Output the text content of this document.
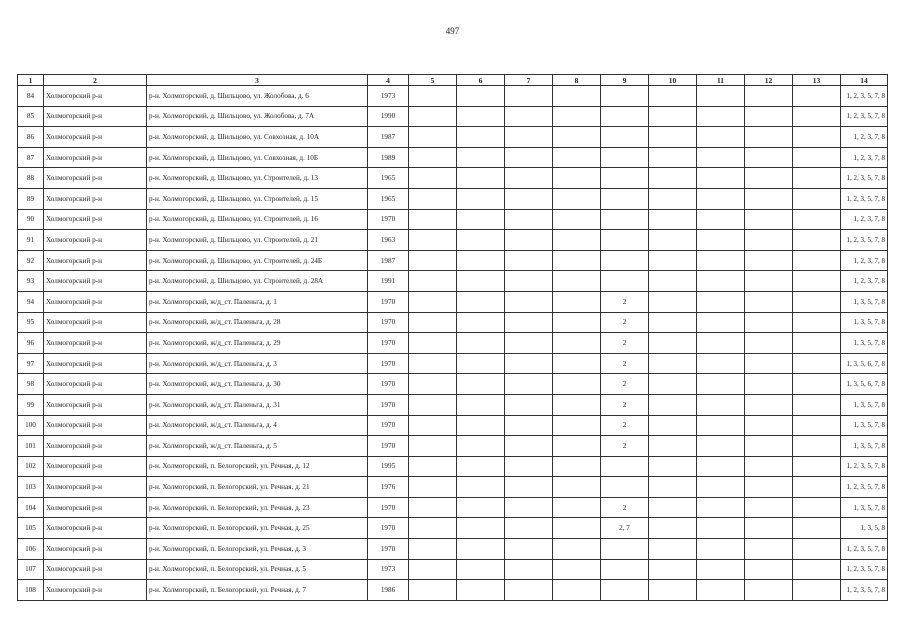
497
1	2	3	4	5	6	7	8	9	10	11	12	13	14
84	Холмогорский р-н	р-н. Холмогорский, д. Шильцово, ул. Жолобова, д. 6	1973										1, 2, 3, 5, 7, 8
85	Холмогорский р-н	р-н. Холмогорский, д. Шильцово, ул. Жолобова, д. 7А	1990										1, 2, 3, 5, 7, 8
86	Холмогорский р-н	р-н. Холмогорский, д. Шильцово, ул. Совхозная, д. 10А	1987										1, 2, 3, 7, 8
87	Холмогорский р-н	р-н. Холмогорский, д. Шильцово, ул. Совхозная, д. 10Б	1989										1, 2, 3, 7, 8
88	Холмогорский р-н	р-н. Холмогорский, д. Шильцово, ул. Строителей, д. 13	1965										1, 2, 3, 5, 7, 8
89	Холмогорский р-н	р-н. Холмогорский, д. Шильцово, ул. Строителей, д. 15	1965										1, 2, 3, 5, 7, 8
90	Холмогорский р-н	р-н. Холмогорский, д. Шильцово, ул. Строителей, д. 16	1970										1, 2, 3, 7, 8
91	Холмогорский р-н	р-н. Холмогорский, д. Шильцово, ул. Строителей, д. 21	1963										1, 2, 3, 5, 7, 8
92	Холмогорский р-н	р-н. Холмогорский, д. Шильцово, ул. Строителей, д. 24Б	1987										1, 2, 3, 7, 8
93	Холмогорский р-н	р-н. Холмогорский, д. Шильцово, ул. Строителей, д. 28А	1991										1, 2, 3, 7, 8
94	Холмогорский р-н	р-н. Холмогорский, ж/д_ст. Паленьга, д. 1	1970					2					1, 3, 5, 7, 8
95	Холмогорский р-н	р-н. Холмогорский, ж/д_ст. Паленьга, д. 28	1970					2					1, 3, 5, 7, 8
96	Холмогорский р-н	р-н. Холмогорский, ж/д_ст. Паленьга, д. 29	1970					2					1, 3, 5, 7, 8
97	Холмогорский р-н	р-н. Холмогорский, ж/д_ст. Паленьга, д. 3	1970					2					1, 3, 5, 6, 7, 8
98	Холмогорский р-н	р-н. Холмогорский, ж/д_ст. Паленьга, д. 30	1970					2					1, 3, 5, 6, 7, 8
99	Холмогорский р-н	р-н. Холмогорский, ж/д_ст. Паленьга, д. 31	1970					2					1, 3, 5, 7, 8
100	Холмогорский р-н	р-н. Холмогорский, ж/д_ст. Паленьга, д. 4	1970					2					1, 3, 5, 7, 8
101	Холмогорский р-н	р-н. Холмогорский, ж/д_ст. Паленьга, д. 5	1970					2					1, 3, 5, 7, 8
102	Холмогорский р-н	р-н. Холмогорский, п. Белогорский, ул. Речная, д. 12	1995										1, 2, 3, 5, 7, 8
103	Холмогорский р-н	р-н. Холмогорский, п. Белогорский, ул. Речная, д. 21	1976										1, 2, 3, 5, 7, 8
104	Холмогорский р-н	р-н. Холмогорский, п. Белогорский, ул. Речная, д. 23	1970					2					1, 3, 5, 7, 8
105	Холмогорский р-н	р-н. Холмогорский, п. Белогорский, ул. Речная, д. 25	1970					2, 7					1, 3, 5, 8
106	Холмогорский р-н	р-н. Холмогорский, п. Белогорский, ул. Речная, д. 3	1970										1, 2, 3, 5, 7, 8
107	Холмогорский р-н	р-н. Холмогорский, п. Белогорский, ул. Речная, д. 5	1973										1, 2, 3, 5, 7, 8
108	Холмогорский р-н	р-н. Холмогорский, п. Белогорский, ул. Речная, д. 7	1986										1, 2, 3, 5, 7, 8
